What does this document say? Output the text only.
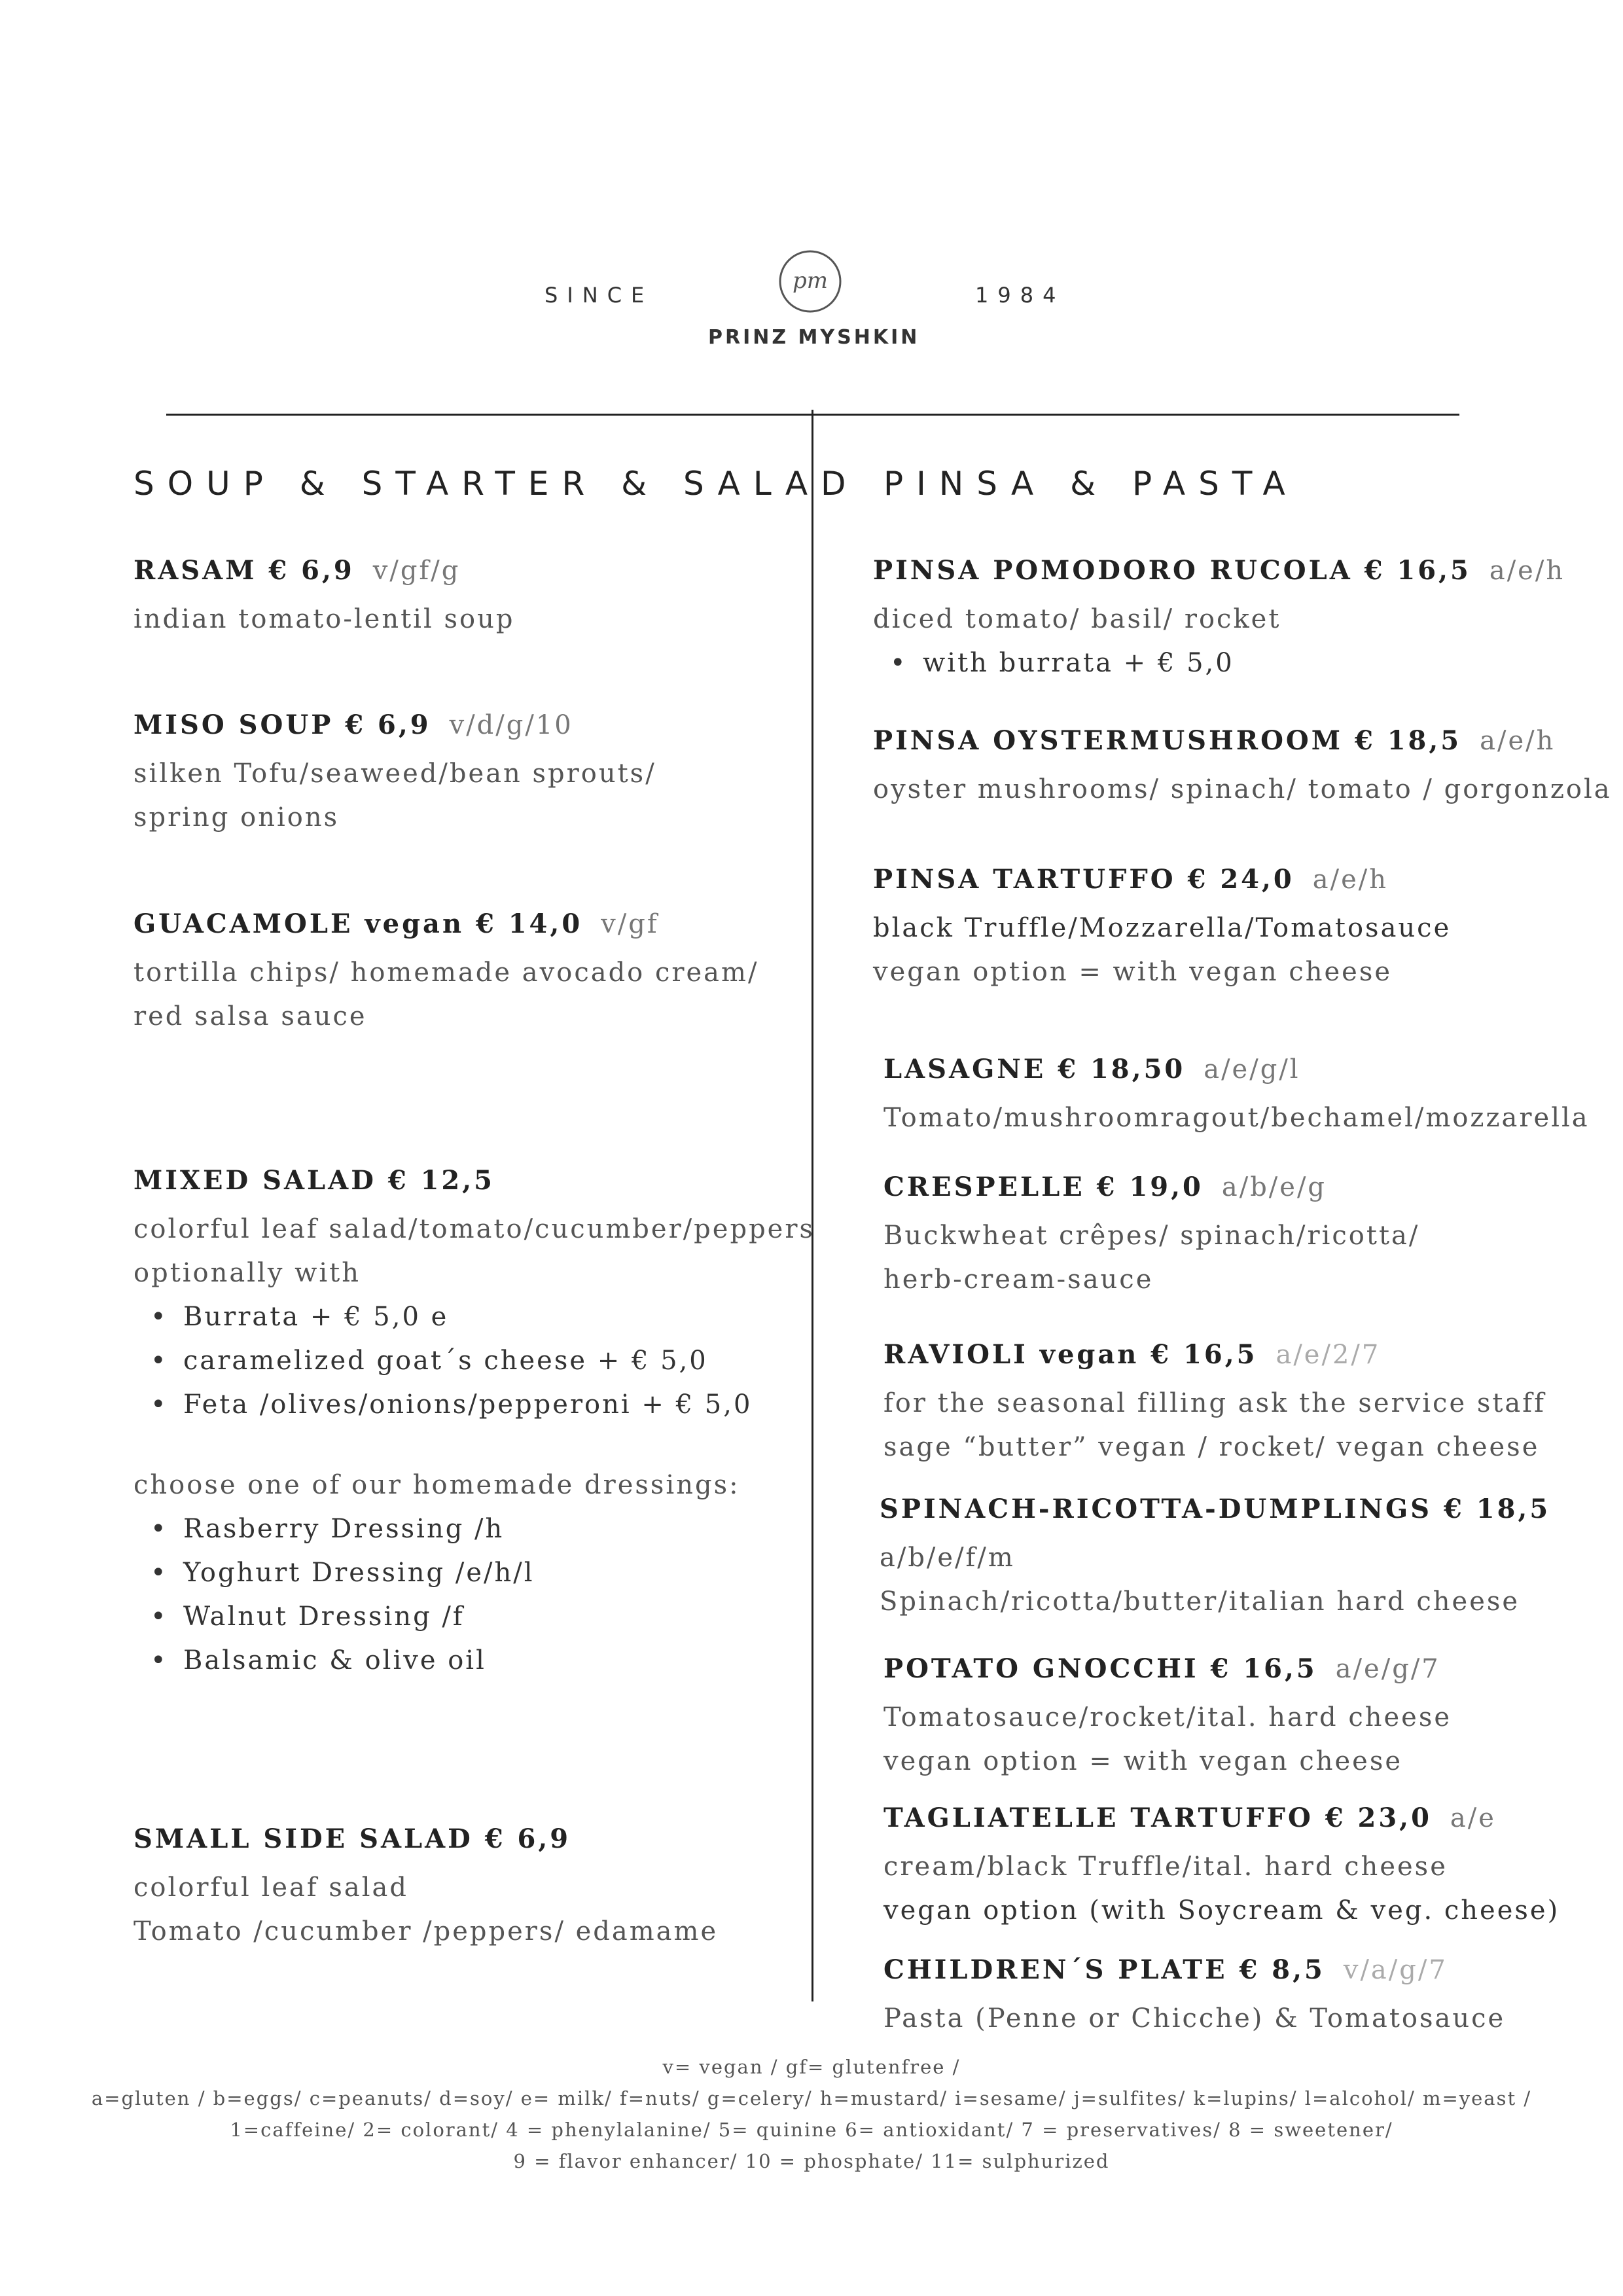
SINCE
pm
1984
PRINZ MYSHKIN
SOUP & STARTER & SALAD
RASAM € 6,9 v/gf/g
indian tomato-lentil soup
MISO SOUP € 6,9 v/d/g/10
silken Tofu/seaweed/bean sprouts/
spring onions
GUACAMOLE vegan € 14,0 v/gf
tortilla chips/ homemade avocado cream/
red salsa sauce
MIXED SALAD € 12,5
colorful leaf salad/tomato/cucumber/peppers
optionally with
• Burrata + € 5,0 e
• caramelized goat´s cheese + € 5,0
• Feta /olives/onions/pepperoni + € 5,0
choose one of our homemade dressings:
• Rasberry Dressing /h
• Yoghurt Dressing /e/h/l
• Walnut Dressing /f
• Balsamic & olive oil
SMALL SIDE SALAD € 6,9
colorful leaf salad
Tomato /cucumber /peppers/ edamame
PINSA & PASTA
PINSA POMODORO RUCOLA € 16,5 a/e/h
diced tomato/ basil/ rocket
• with burrata + € 5,0
PINSA OYSTERMUSHROOM € 18,5 a/e/h
oyster mushrooms/ spinach/ tomato / gorgonzola
PINSA TARTUFFO € 24,0 a/e/h
black Truffle/Mozzarella/Tomatosauce
vegan option = with vegan cheese
LASAGNE € 18,50 a/e/g/l
Tomato/mushroomragout/bechamel/mozzarella
CRESPELLE € 19,0 a/b/e/g
Buckwheat crêpes/ spinach/ricotta/
herb-cream-sauce
RAVIOLI vegan € 16,5 a/e/2/7
for the seasonal filling ask the service staff
sage “butter” vegan / rocket/ vegan cheese
SPINACH-RICOTTA-DUMPLINGS € 18,5
a/b/e/f/m
Spinach/ricotta/butter/italian hard cheese
POTATO GNOCCHI € 16,5 a/e/g/7
Tomatosauce/rocket/ital. hard cheese
vegan option = with vegan cheese
TAGLIATELLE TARTUFFO € 23,0 a/e
cream/black Truffle/ital. hard cheese
vegan option (with Soycream & veg. cheese)
CHILDREN´S PLATE € 8,5 v/a/g/7
Pasta (Penne or Chicche) & Tomatosauce
v= vegan / gf= glutenfree /
a=gluten / b=eggs/ c=peanuts/ d=soy/ e= milk/ f=nuts/ g=celery/ h=mustard/ i=sesame/ j=sulfites/ k=lupins/ l=alcohol/ m=yeast /
1=caffeine/ 2= colorant/ 4 = phenylalanine/ 5= quinine 6= antioxidant/ 7 = preservatives/ 8 = sweetener/
9 = flavor enhancer/ 10 = phosphate/ 11= sulphurized
